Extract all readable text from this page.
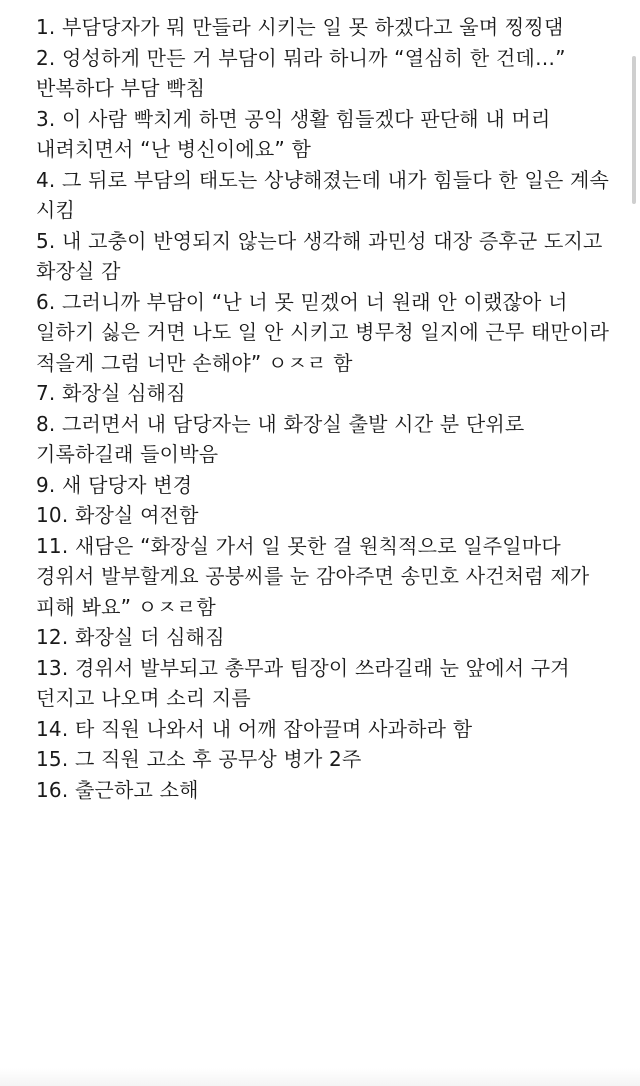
1. 부담당자가 뭐 만들라 시키는 일 못 하겠다고 울며 찡찡댐

2. 엉성하게 만든 거 부담이 뭐라 하니까 “열심히 한 건데…” 반복하다 부담 빡침

3. 이 사람 빡치게 하면 공익 생활 힘들겠다 판단해 내 머리 내려치면서 “난 병신이에요” 함

4. 그 뒤로 부담의 태도는 상냥해졌는데 내가 힘들다 한 일은 계속 시킴

5. 내 고충이 반영되지 않는다 생각해 과민성 대장 증후군 도지고 화장실 감

6. 그러니까 부담이 “난 너 못 믿겠어 너 원래 안 이랬잖아 너 일하기 싫은 거면 나도 일 안 시키고 병무청 일지에 근무 태만이라 적을게 그럼 너만 손해야” ㅇㅈㄹ 함

7. 화장실 심해짐

8. 그러면서 내 담당자는 내 화장실 출발 시간 분 단위로 기록하길래 들이박음

9. 새 담당자 변경

10. 화장실 여전함

11. 새담은 “화장실 가서 일 못한 걸 원칙적으로 일주일마다 경위서 발부할게요 공붕씨를 눈 감아주면 송민호 사건처럼 제가 피해 봐요” ㅇㅈㄹ함

12. 화장실 더 심해짐

13. 경위서 발부되고 총무과 팀장이 쓰라길래 눈 앞에서 구겨 던지고 나오며 소리 지름

14. 타 직원 나와서 내 어깨 잡아끌며 사과하라 함

15. 그 직원 고소 후 공무상 병가 2주

16. 출근하고 소해
